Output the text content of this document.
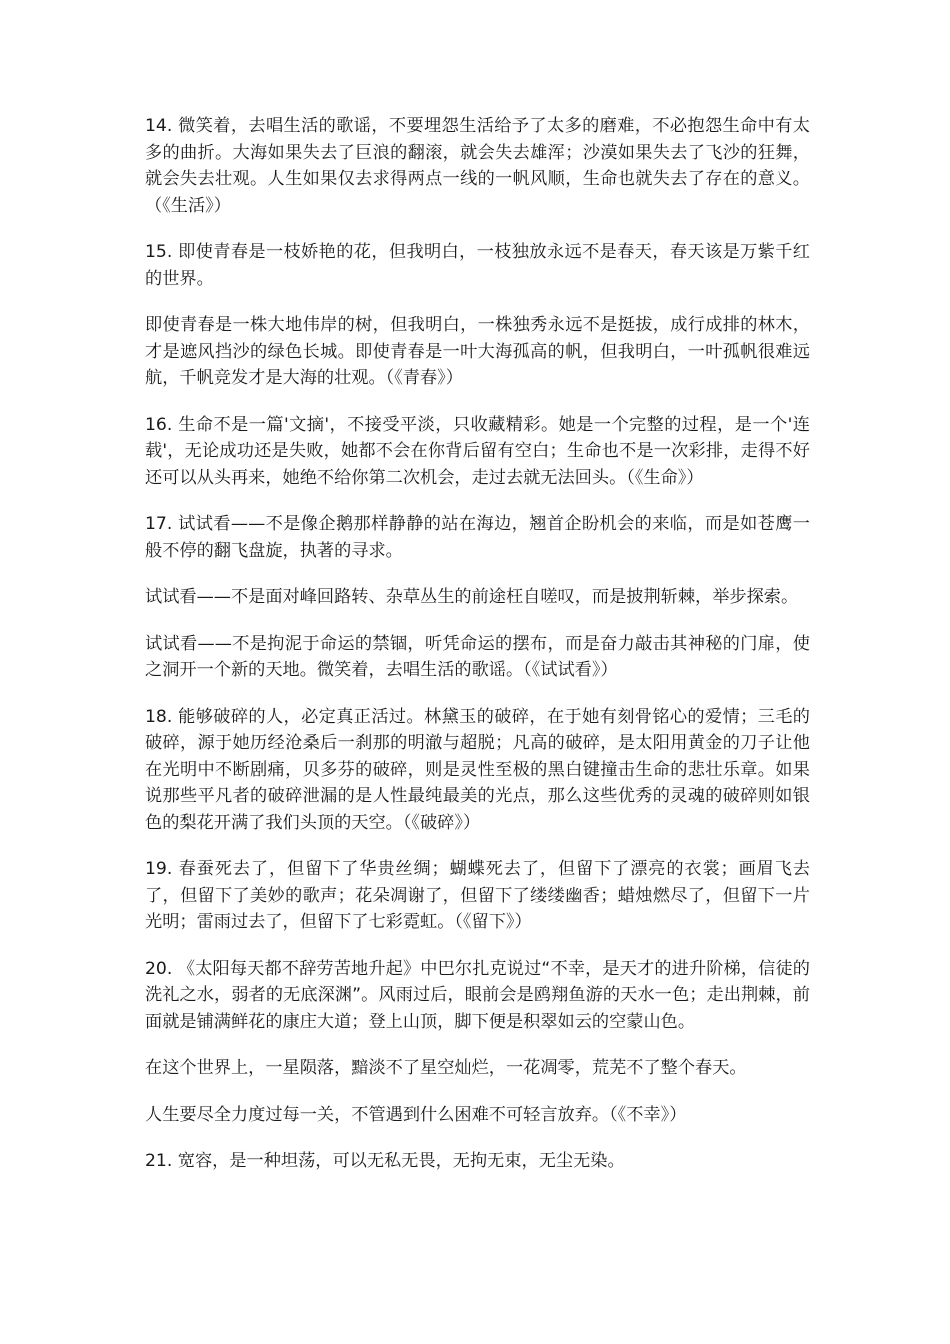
14. 微笑着，去唱生活的歌谣，不要埋怨生活给予了太多的磨难，不必抱怨生命中有太多的曲折。大海如果失去了巨浪的翻滚，就会失去雄浑；沙漠如果失去了飞沙的狂舞，就会失去壮观。人生如果仅去求得两点一线的一帆风顺，生命也就失去了存在的意义。（《生活》）

15. 即使青春是一枝娇艳的花，但我明白，一枝独放永远不是春天，春天该是万紫千红的世界。

即使青春是一株大地伟岸的树，但我明白，一株独秀永远不是挺拔，成行成排的林木，才是遮风挡沙的绿色长城。即使青春是一叶大海孤高的帆，但我明白，一叶孤帆很难远航，千帆竞发才是大海的壮观。（《青春》）

16. 生命不是一篇'文摘'，不接受平淡，只收藏精彩。她是一个完整的过程，是一个'连载'，无论成功还是失败，她都不会在你背后留有空白；生命也不是一次彩排，走得不好还可以从头再来，她绝不给你第二次机会，走过去就无法回头。（《生命》）

17. 试试看——不是像企鹅那样静静的站在海边，翘首企盼机会的来临，而是如苍鹰一般不停的翻飞盘旋，执著的寻求。

试试看——不是面对峰回路转、杂草丛生的前途枉自嗟叹，而是披荆斩棘，举步探索。

试试看——不是拘泥于命运的禁锢，听凭命运的摆布，而是奋力敲击其神秘的门扉，使之洞开一个新的天地。微笑着，去唱生活的歌谣。（《试试看》）

18. 能够破碎的人，必定真正活过。林黛玉的破碎，在于她有刻骨铭心的爱情；三毛的破碎，源于她历经沧桑后一刹那的明澈与超脱；凡高的破碎，是太阳用黄金的刀子让他在光明中不断剧痛，贝多芬的破碎，则是灵性至极的黑白键撞击生命的悲壮乐章。如果说那些平凡者的破碎泄漏的是人性最纯最美的光点，那么这些优秀的灵魂的破碎则如银色的梨花开满了我们头顶的天空。（《破碎》）

19. 春蚕死去了，但留下了华贵丝绸；蝴蝶死去了，但留下了漂亮的衣裳；画眉飞去了，但留下了美妙的歌声；花朵凋谢了，但留下了缕缕幽香；蜡烛燃尽了，但留下一片光明；雷雨过去了，但留下了七彩霓虹。（《留下》）

20. 《太阳每天都不辞劳苦地升起》中巴尔扎克说过“不幸，是天才的进升阶梯，信徒的洗礼之水，弱者的无底深渊”。风雨过后，眼前会是鸥翔鱼游的天水一色；走出荆棘，前面就是铺满鲜花的康庄大道；登上山顶，脚下便是积翠如云的空蒙山色。

在这个世界上，一星陨落，黯淡不了星空灿烂，一花凋零，荒芜不了整个春天。

人生要尽全力度过每一关，不管遇到什么困难不可轻言放弃。（《不幸》）

21. 宽容，是一种坦荡，可以无私无畏，无拘无束，无尘无染。
